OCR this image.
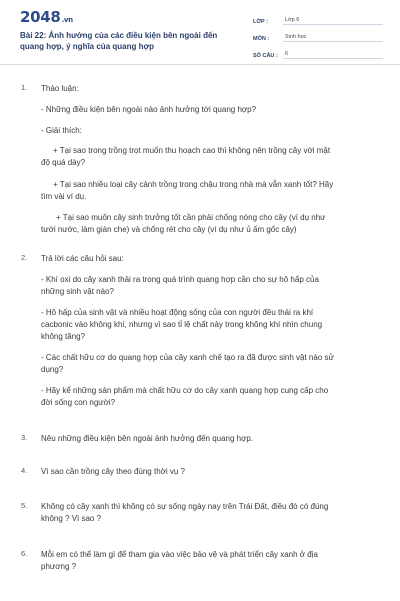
2048.vn
Bài 22: Ảnh hưởng của các điều kiện bên ngoài đến quang hợp, ý nghĩa của quang hợp
LỚP :	Lớp 6
MÔN :	Sinh học
SỐ CÂU :	6
1.	Thảo luận:
- Những điều kiện bên ngoài nào ảnh hưởng tới quang hợp?
- Giải thích:
+ Tại sao trong trồng trọt muốn thu hoạch cao thì không nên trồng cây với mật
độ quá dày?
+ Tại sao nhiều loại cây cảnh trồng trong chậu trong nhà mà vẫn xanh tốt? Hãy
tìm vài ví dụ.
+ Tại sao muốn cây sinh trưởng tốt cần phải chống nóng cho cây (ví dụ như
tưới nước, làm giàn che) và chống rét cho cây (ví dụ như ủ ấm gốc cây)
2.	Trả lời các câu hỏi sau:
- Khí oxi do cây xanh thải ra trong quá trình quang hợp cần cho sự hô hấp của
những sinh vật nào?
- Hô hấp của sinh vật và nhiều hoạt động sống của con người đều thải ra khí
cacbonic vào không khí, nhưng vì sao tỉ lệ chất này trong không khí nhìn chung
không tăng?
- Các chất hữu cơ do quang hợp của cây xanh chế tạo ra đã được sinh vật nào sử
dụng?
- Hãy kể những sản phẩm mà chất hữu cơ do cây xanh quang hợp cung cấp cho
đời sống con người?
3.	Nêu những điều kiện bên ngoài ảnh hưởng đến quang hợp.
4.	Vì sao cần trồng cây theo đúng thời vụ ?
5.	Không có cây xanh thì không có sự sống ngày nay trên Trái Đất, điều đó có đúng
không ? Vì sao ?
6.	Mỗi em có thể làm gì để tham gia vào việc bảo vệ và phát triển cây xanh ở địa
phương ?
